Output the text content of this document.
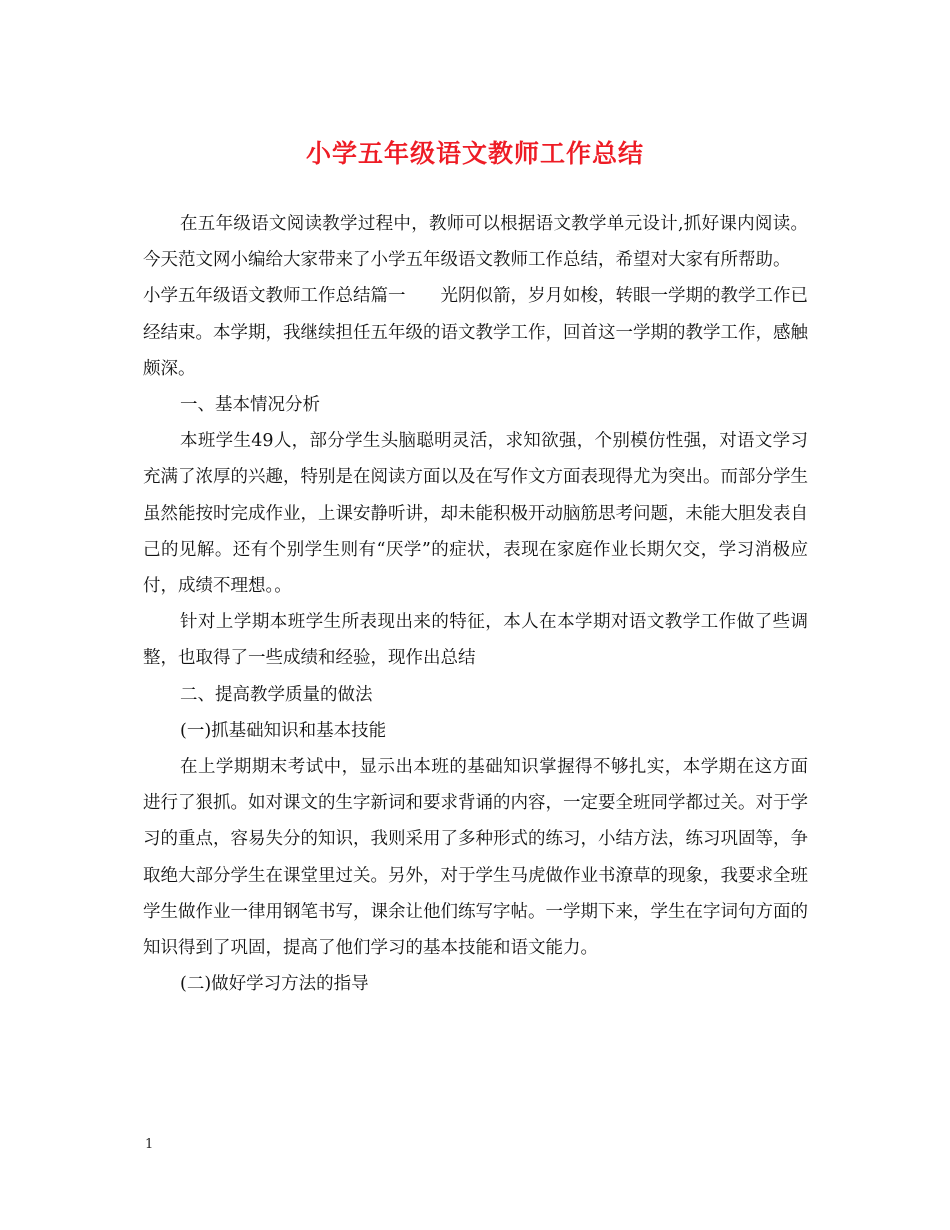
小学五年级语文教师工作总结

在五年级语文阅读教学过程中，教师可以根据语文教学单元设计,抓好课内阅读。今天范文网小编给大家带来了小学五年级语文教师工作总结，希望对大家有所帮助。

小学五年级语文教师工作总结篇一　　光阴似箭，岁月如梭，转眼一学期的教学工作已经结束。本学期，我继续担任五年级的语文教学工作，回首这一学期的教学工作，感触颇深。

一、基本情况分析

本班学生49人，部分学生头脑聪明灵活，求知欲强，个别模仿性强，对语文学习充满了浓厚的兴趣，特别是在阅读方面以及在写作文方面表现得尤为突出。而部分学生虽然能按时完成作业，上课安静听讲，却未能积极开动脑筋思考问题，未能大胆发表自己的见解。还有个别学生则有“厌学”的症状，表现在家庭作业长期欠交，学习消极应付，成绩不理想。。

针对上学期本班学生所表现出来的特征，本人在本学期对语文教学工作做了些调整，也取得了一些成绩和经验，现作出总结

二、提高教学质量的做法

(一)抓基础知识和基本技能

在上学期期末考试中，显示出本班的基础知识掌握得不够扎实，本学期在这方面进行了狠抓。如对课文的生字新词和要求背诵的内容，一定要全班同学都过关。对于学习的重点，容易失分的知识，我则采用了多种形式的练习，小结方法，练习巩固等，争取绝大部分学生在课堂里过关。另外，对于学生马虎做作业书潦草的现象，我要求全班学生做作业一律用钢笔书写，课余让他们练写字帖。一学期下来，学生在字词句方面的知识得到了巩固，提高了他们学习的基本技能和语文能力。

(二)做好学习方法的指导

1
